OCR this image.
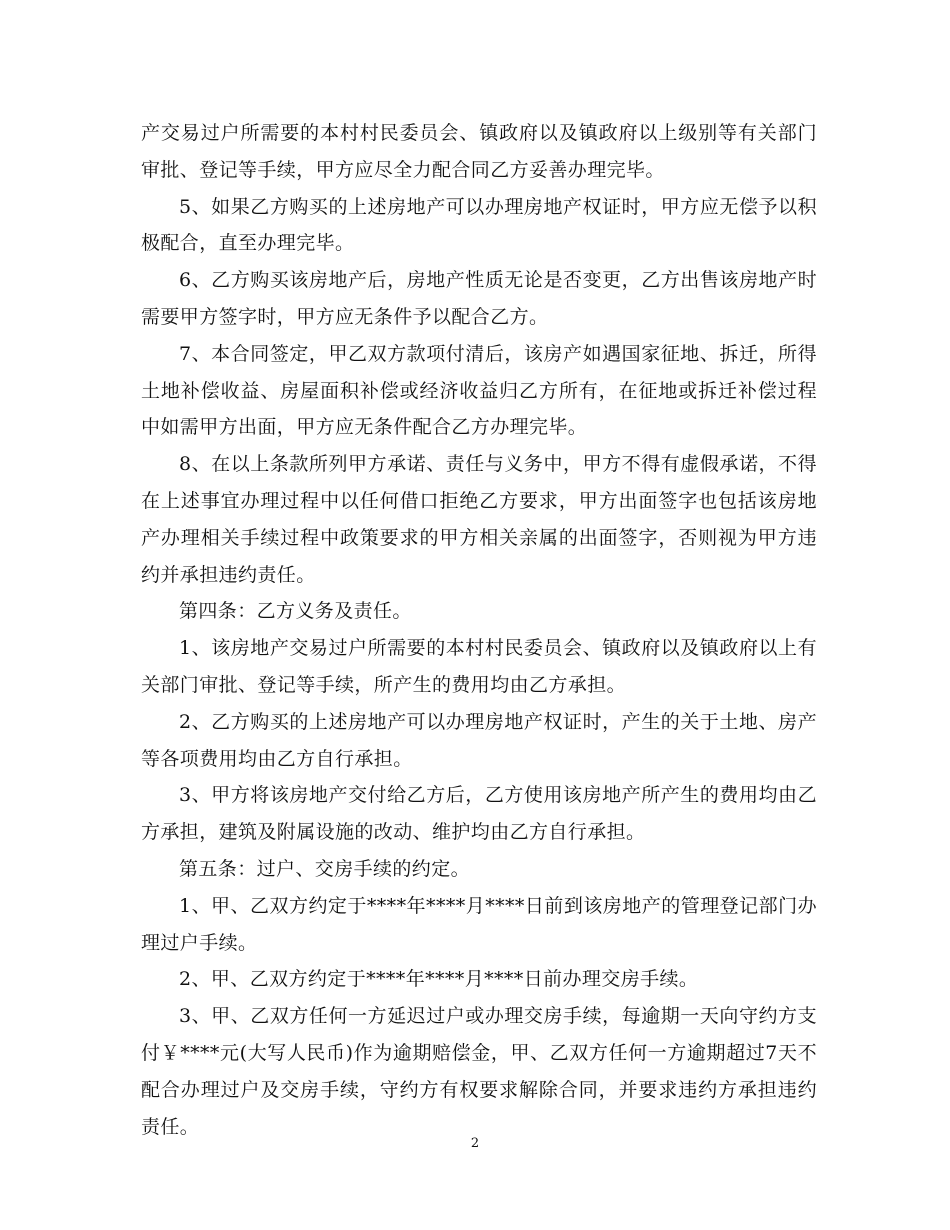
产交易过户所需要的本村村民委员会、镇政府以及镇政府以上级别等有关部门审批、登记等手续，甲方应尽全力配合同乙方妥善办理完毕。

5、如果乙方购买的上述房地产可以办理房地产权证时，甲方应无偿予以积极配合，直至办理完毕。

6、乙方购买该房地产后，房地产性质无论是否变更，乙方出售该房地产时需要甲方签字时，甲方应无条件予以配合乙方。

7、本合同签定，甲乙双方款项付清后，该房产如遇国家征地、拆迁，所得土地补偿收益、房屋面积补偿或经济收益归乙方所有，在征地或拆迁补偿过程中如需甲方出面，甲方应无条件配合乙方办理完毕。

8、在以上条款所列甲方承诺、责任与义务中，甲方不得有虚假承诺，不得在上述事宜办理过程中以任何借口拒绝乙方要求，甲方出面签字也包括该房地产办理相关手续过程中政策要求的甲方相关亲属的出面签字，否则视为甲方违约并承担违约责任。

第四条：乙方义务及责任。

1、该房地产交易过户所需要的本村村民委员会、镇政府以及镇政府以上有关部门审批、登记等手续，所产生的费用均由乙方承担。

2、乙方购买的上述房地产可以办理房地产权证时，产生的关于土地、房产等各项费用均由乙方自行承担。

3、甲方将该房地产交付给乙方后，乙方使用该房地产所产生的费用均由乙方承担，建筑及附属设施的改动、维护均由乙方自行承担。

第五条：过户、交房手续的约定。

1、甲、乙双方约定于****年****月****日前到该房地产的管理登记部门办理过户手续。

2、甲、乙双方约定于****年****月****日前办理交房手续。

3、甲、乙双方任何一方延迟过户或办理交房手续，每逾期一天向守约方支付￥****元(大写人民币)作为逾期赔偿金，甲、乙双方任何一方逾期超过7天不配合办理过户及交房手续，守约方有权要求解除合同，并要求违约方承担违约责任。

2
